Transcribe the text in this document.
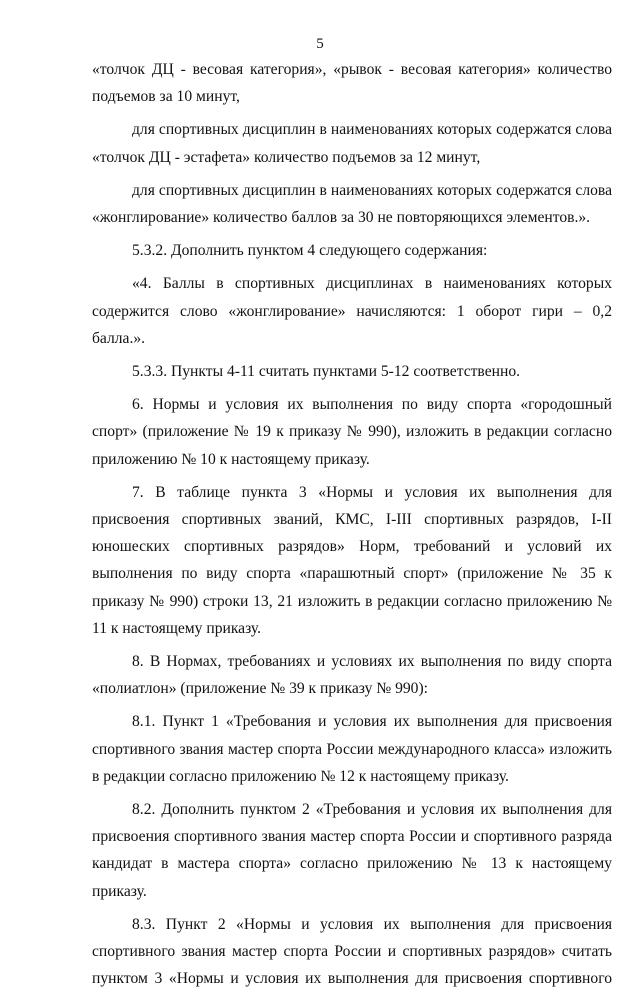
5

«толчок ДЦ - весовая категория», «рывок - весовая категория» количество подъемов за 10 минут,

для спортивных дисциплин в наименованиях которых содержатся слова «толчок ДЦ - эстафета» количество подъемов за 12 минут,

для спортивных дисциплин в наименованиях которых содержатся слова «жонглирование» количество баллов за 30 не повторяющихся элементов.».

5.3.2. Дополнить пунктом 4 следующего содержания:

«4. Баллы в спортивных дисциплинах в наименованиях которых содержится слово «жонглирование» начисляются: 1 оборот гири – 0,2 балла.».

5.3.3. Пункты 4-11 считать пунктами 5-12 соответственно.

6. Нормы и условия их выполнения по виду спорта «городошный спорт» (приложение № 19 к приказу № 990), изложить в редакции согласно приложению № 10 к настоящему приказу.

7. В таблице пункта 3 «Нормы и условия их выполнения для присвоения спортивных званий, КМС, I-III спортивных разрядов, I-II юношеских спортивных разрядов» Норм, требований и условий их выполнения по виду спорта «парашютный спорт» (приложение № 35 к приказу № 990) строки 13, 21 изложить в редакции согласно приложению № 11 к настоящему приказу.

8. В Нормах, требованиях и условиях их выполнения по виду спорта «полиатлон» (приложение № 39 к приказу № 990):

8.1. Пункт 1 «Требования и условия их выполнения для присвоения спортивного звания мастер спорта России международного класса» изложить в редакции согласно приложению № 12 к настоящему приказу.

8.2. Дополнить пунктом 2 «Требования и условия их выполнения для присвоения спортивного звания мастер спорта России и спортивного разряда кандидат в мастера спорта» согласно приложению № 13 к настоящему приказу.

8.3. Пункт 2 «Нормы и условия их выполнения для присвоения спортивного звания мастер спорта России и спортивных разрядов» считать пунктом 3 «Нормы и условия их выполнения для присвоения спортивного
